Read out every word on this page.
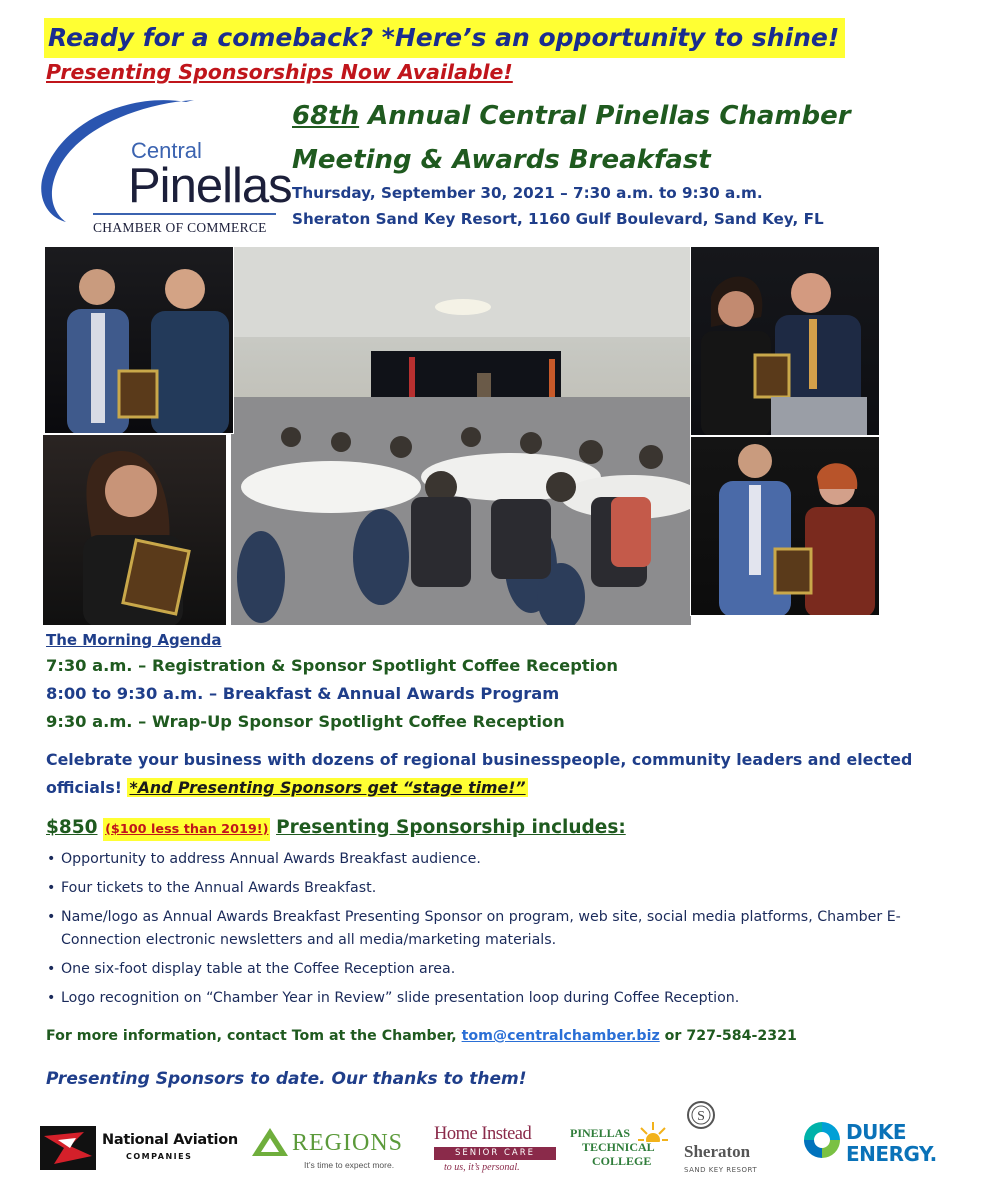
Ready for a comeback? *Here’s an opportunity to shine!
Presenting Sponsorships Now Available!
Central
Pinellas
CHAMBER OF COMMERCE
68th Annual Central Pinellas Chamber
Meeting & Awards Breakfast
Thursday, September 30, 2021 – 7:30 a.m. to 9:30 a.m.
Sheraton Sand Key Resort, 1160 Gulf Boulevard, Sand Key, FL
The Morning Agenda
7:30 a.m. – Registration & Sponsor Spotlight Coffee Reception
8:00 to 9:30 a.m. – Breakfast & Annual Awards Program
9:30 a.m. – Wrap-Up Sponsor Spotlight Coffee Reception
Celebrate your business with dozens of regional businesspeople, community leaders and elected officials! *And Presenting Sponsors get “stage time!”
$850 ($100 less than 2019!) Presenting Sponsorship includes:
• Opportunity to address Annual Awards Breakfast audience.
• Four tickets to the Annual Awards Breakfast.
• Name/logo as Annual Awards Breakfast Presenting Sponsor on program, web site, social media platforms, Chamber E-Connection electronic newsletters and all media/marketing materials.
• One six-foot display table at the Coffee Reception area.
• Logo recognition on “Chamber Year in Review” slide presentation loop during Coffee Reception.
For more information, contact Tom at the Chamber, tom@centralchamber.biz or 727-584-2321
Presenting Sponsors to date. Our thanks to them!
National Aviation
COMPANIES
REGIONS
It’s time to expect more.
Home Instead
SENIOR CARE
to us, it’s personal.
PINELLAS
TECHNICAL
COLLEGE
S
Sheraton
SAND KEY RESORT
DUKE
ENERGY.
